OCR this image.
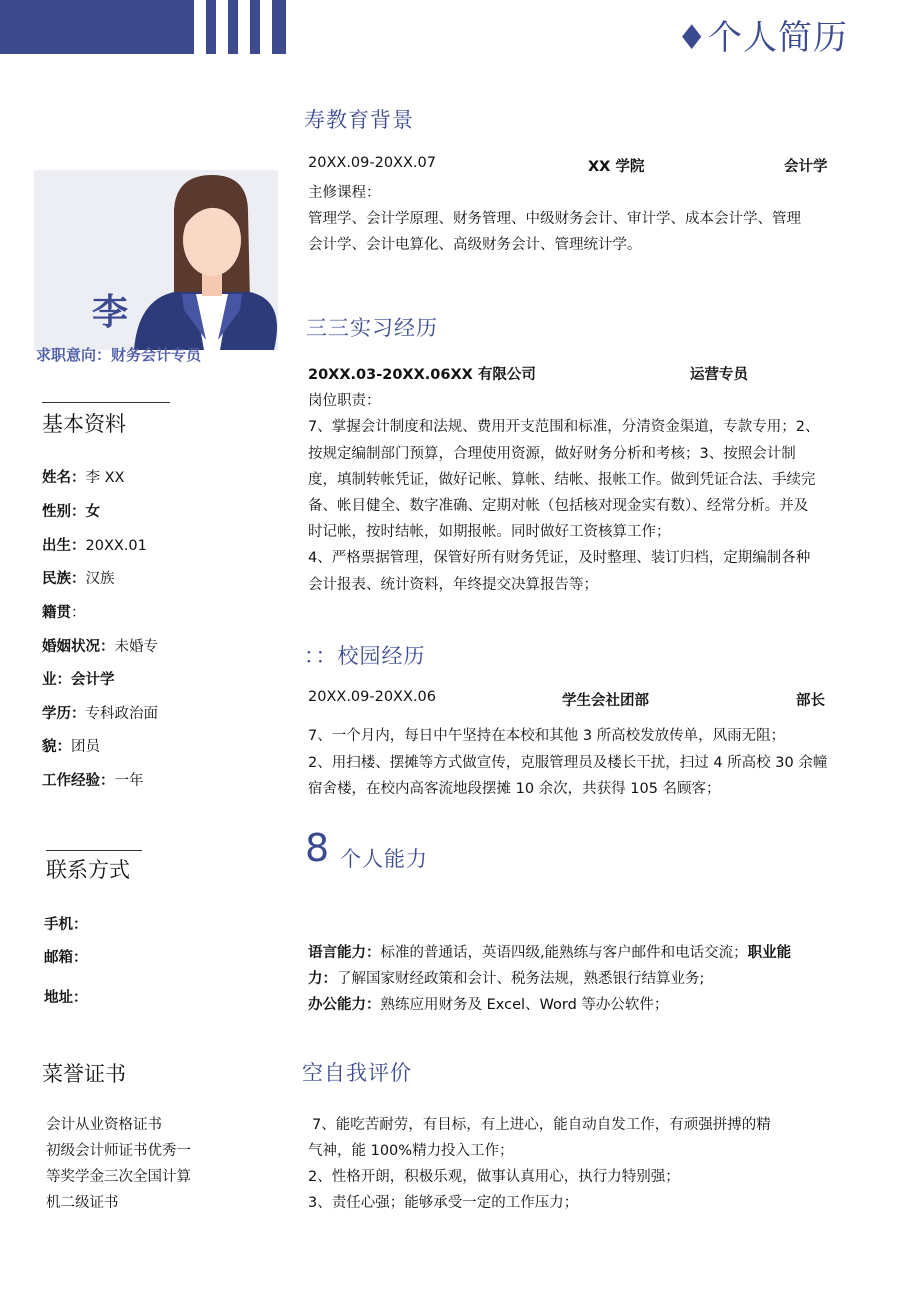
♦个人简历
李
求职意向：财务会计专员
基本资料
姓名：李 XX
性别：女
出生：20XX.01
民族：汉族
籍贯：
婚姻状况：未婚专
业：会计学
学历：专科政治面
貌：团员
工作经验：一年
联系方式
手机：
邮箱：
地址：
菜誉证书
会计从业资格证书
初级会计师证书优秀一
等奖学金三次全国计算
机二级证书
寿教育背景
20XX.09-20XX.07	XX 学院	会计学
主修课程：
管理学、会计学原理、财务管理、中级财务会计、审计学、成本会计学、管理
会计学、会计电算化、高级财务会计、管理统计学。
三三实习经历
20XX.03-20XX.06XX 有限公司	运营专员
岗位职责：
7、掌握会计制度和法规、费用开支范围和标准，分清资金渠道，专款专用；2、
按规定编制部门预算，合理使用资源，做好财务分析和考核；3、按照会计制
度，填制转帐凭证，做好记帐、算帐、结帐、报帐工作。做到凭证合法、手续完
备、帐目健全、数字准确、定期对帐（包括核对现金实有数）、经常分析。并及
时记帐，按时结帐，如期报帐。同时做好工资核算工作；
4、严格票据管理，保管好所有财务凭证，及时整理、装订归档，定期编制各种
会计报表、统计资料，年终提交决算报告等；
：：校园经历
20XX.09-20XX.06	学生会社团部	部长
7、一个月内，每日中午坚持在本校和其他 3 所高校发放传单，风雨无阻；
2、用扫楼、摆摊等方式做宣传，克服管理员及楼长干扰，扫过 4 所高校 30 余幢
宿舍楼，在校内高客流地段摆摊 10 余次，共获得 105 名顾客；
8 个人能力
语言能力：标准的普通话，英语四级,能熟练与客户邮件和电话交流；职业能
力：了解国家财经政策和会计、税务法规，熟悉银行结算业务;
办公能力：熟练应用财务及 Excel、Word 等办公软件；
空自我评价
7、能吃苦耐劳，有目标，有上进心，能自动自发工作，有顽强拼搏的精
气神，能 100%精力投入工作；
2、性格开朗，积极乐观，做事认真用心，执行力特别强；
3、责任心强；能够承受一定的工作压力；
